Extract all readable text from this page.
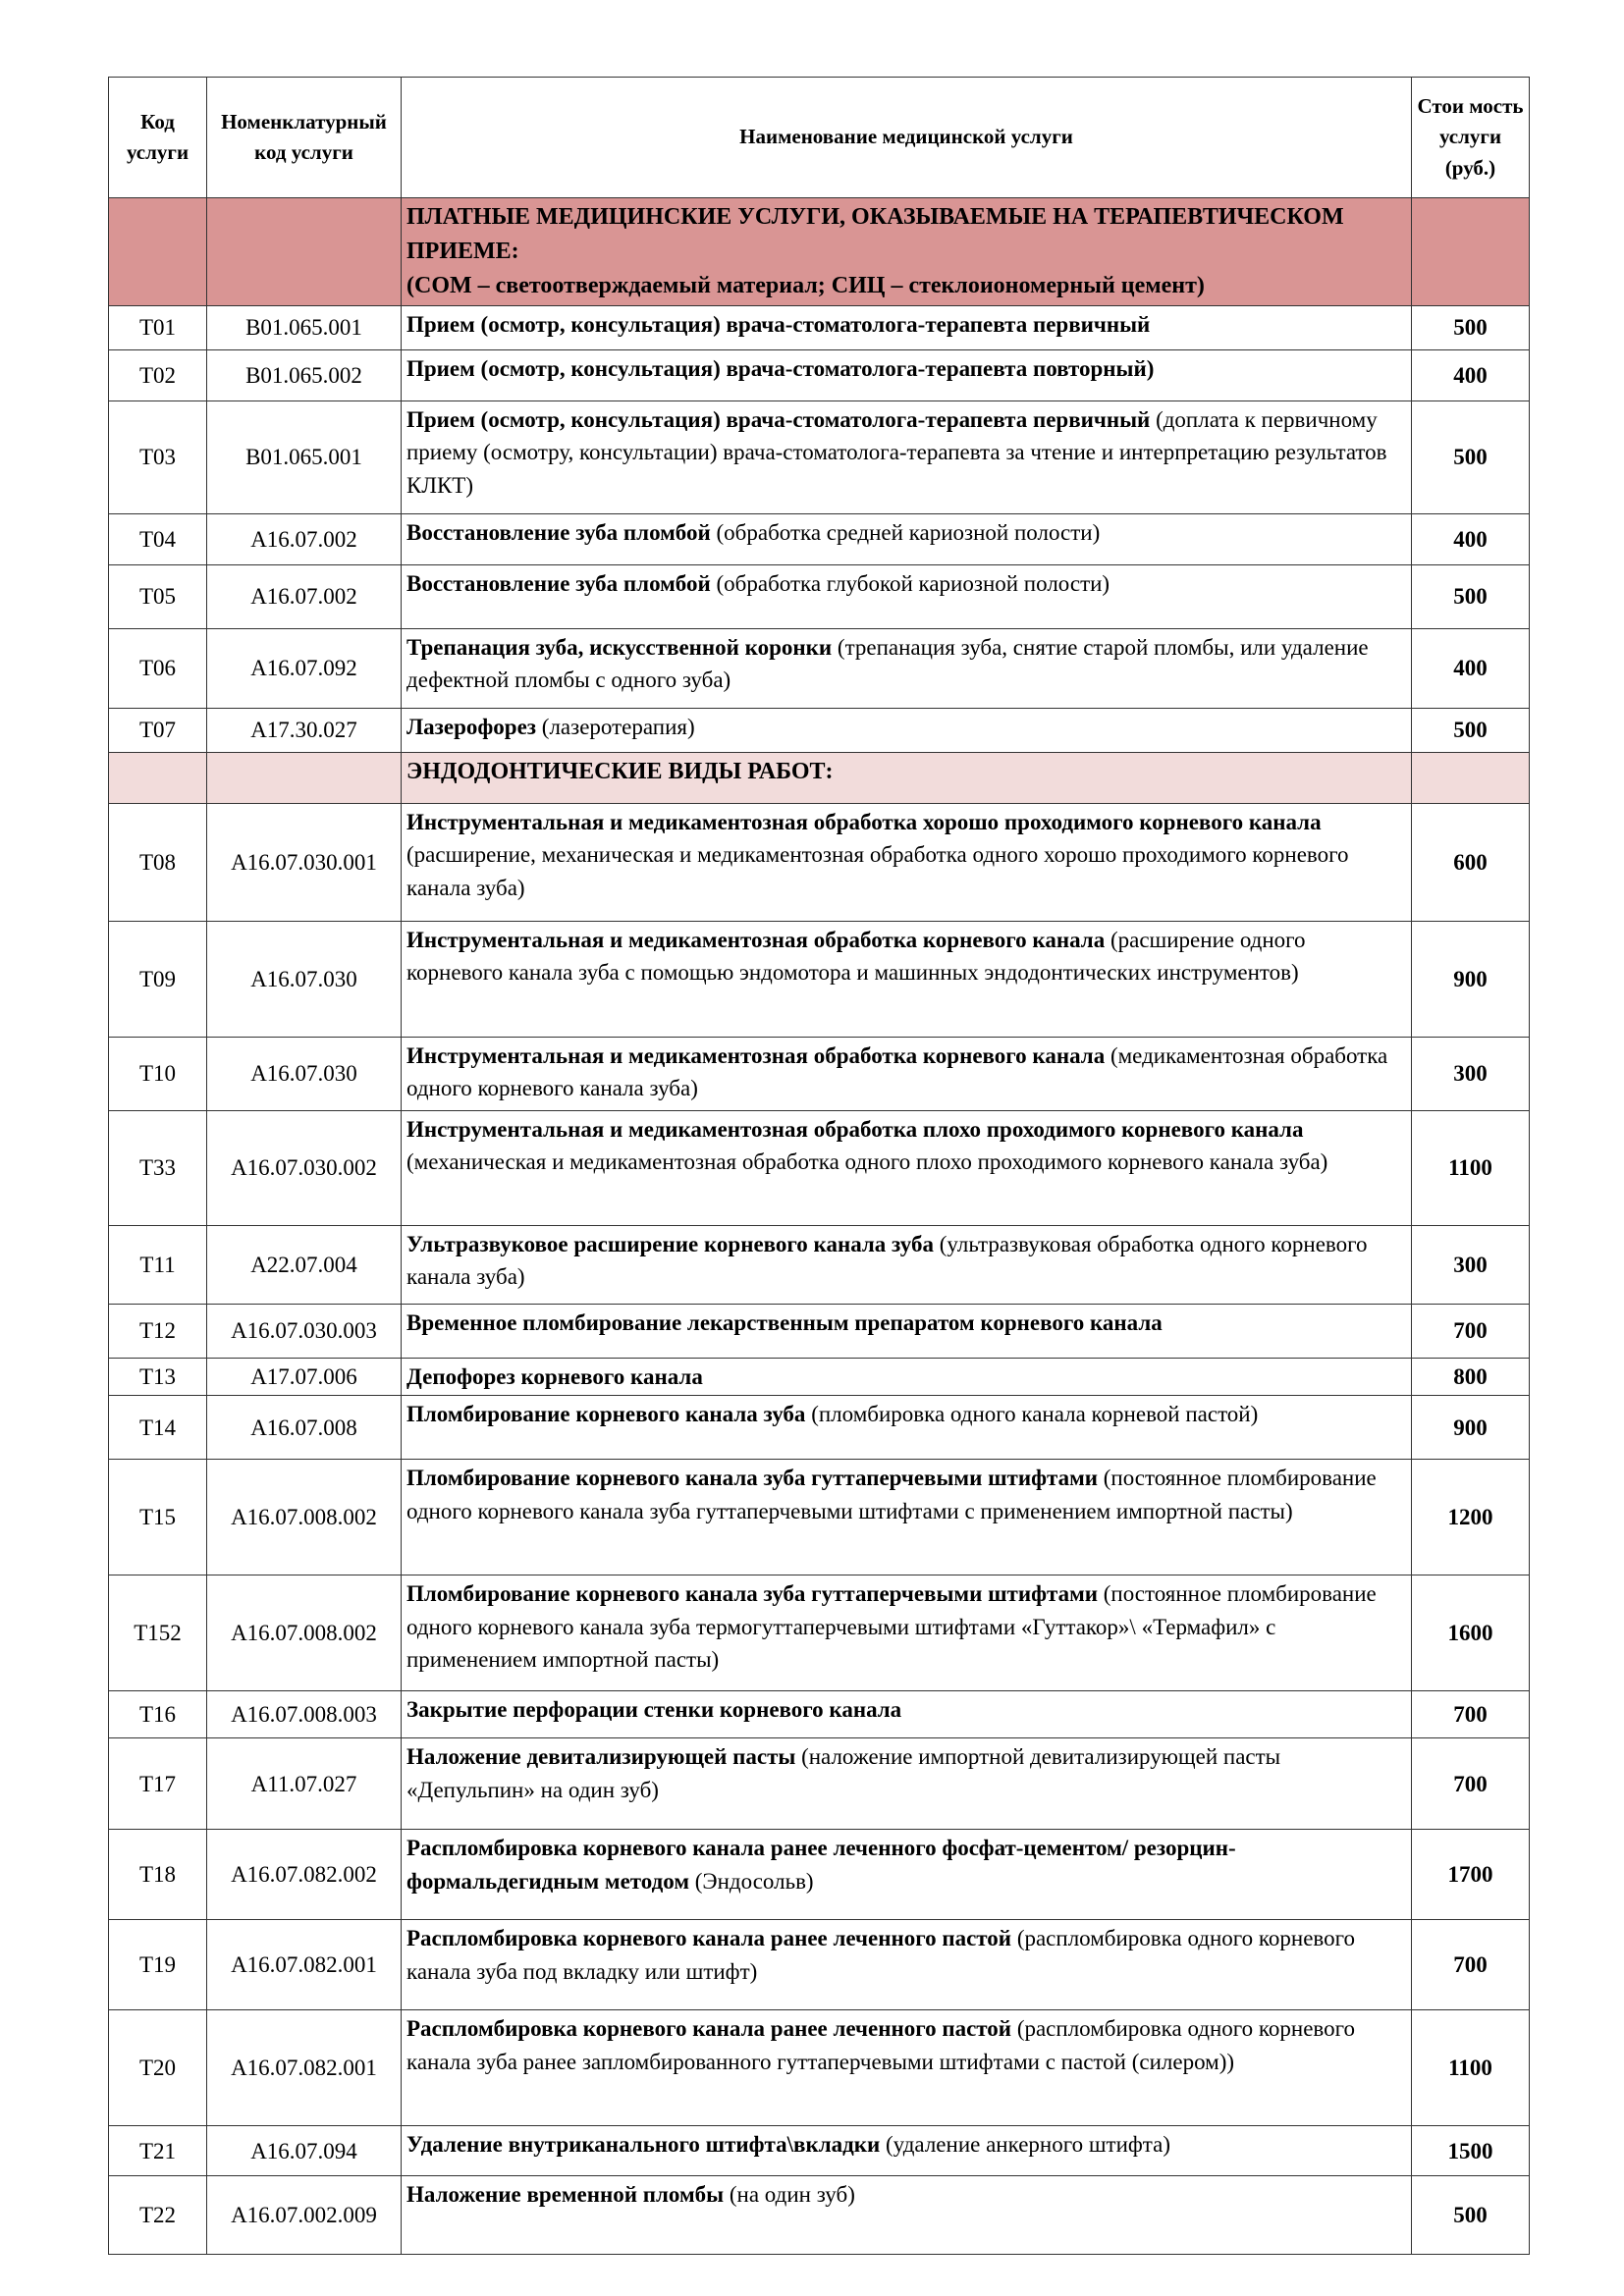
Код услуги	Номенклатурный код услуги	Наименование медицинской услуги	Стои мость услуги (руб.)

		ПЛАТНЫЕ МЕДИЦИНСКИЕ УСЛУГИ, ОКАЗЫВАЕМЫЕ НА ТЕРАПЕВТИЧЕСКОМ ПРИЕМЕ:
(СОМ – светоотверждаемый материал; СИЦ – стеклоиономерный цемент)	

Т01	В01.065.001	Прием (осмотр, консультация) врача-стоматолога-терапевта первичный	500
Т02	В01.065.002	Прием (осмотр, консультация) врача-стоматолога-терапевта повторный)	400
Т03	В01.065.001	Прием (осмотр, консультация) врача-стоматолога-терапевта первичный (доплата к первичному приему (осмотру, консультации) врача-стоматолога-терапевта за чтение и интерпретацию результатов КЛКТ)	500
Т04	А16.07.002	Восстановление зуба пломбой (обработка средней кариозной полости)	400
Т05	А16.07.002	Восстановление зуба пломбой (обработка глубокой кариозной полости)	500
Т06	А16.07.092	Трепанация зуба, искусственной коронки (трепанация зуба, снятие старой пломбы, или удаление дефектной пломбы с одного зуба)	400
Т07	А17.30.027	Лазерофорез (лазеротерапия)	500

		ЭНДОДОНТИЧЕСКИЕ ВИДЫ РАБОТ:	

Т08	А16.07.030.001	Инструментальная и медикаментозная обработка хорошо проходимого корневого канала (расширение, механическая и медикаментозная обработка одного хорошо проходимого корневого канала зуба)	600
Т09	А16.07.030	Инструментальная и медикаментозная обработка корневого канала (расширение одного корневого канала зуба с помощью эндомотора и машинных эндодонтических инструментов)	900
Т10	А16.07.030	Инструментальная и медикаментозная обработка корневого канала (медикаментозная обработка одного корневого канала зуба)	300
Т33	А16.07.030.002	Инструментальная и медикаментозная обработка плохо проходимого корневого канала (механическая и медикаментозная обработка одного плохо проходимого корневого канала зуба)	1100
Т11	А22.07.004	Ультразвуковое расширение корневого канала зуба (ультразвуковая обработка одного корневого канала зуба)	300
Т12	А16.07.030.003	Временное пломбирование лекарственным препаратом корневого канала	700
Т13	А17.07.006	Депофорез корневого канала	800
Т14	А16.07.008	Пломбирование корневого канала зуба (пломбировка одного канала корневой пастой)	900
Т15	А16.07.008.002	Пломбирование корневого канала зуба гуттаперчевыми штифтами (постоянное пломбирование одного корневого канала зуба гуттаперчевыми штифтами с применением импортной пасты)	1200
Т152	А16.07.008.002	Пломбирование корневого канала зуба гуттаперчевыми штифтами (постоянное пломбирование одного корневого канала зуба термогуттаперчевыми штифтами «Гуттакор»\ «Термафил» с применением импортной пасты)	1600
Т16	А16.07.008.003	Закрытие перфорации стенки корневого канала	700
Т17	А11.07.027	Наложение девитализирующей пасты (наложение импортной девитализирующей пасты «Депульпин» на один зуб)	700
Т18	А16.07.082.002	Распломбировка корневого канала ранее леченного фосфат-цементом/ резорцин-формальдегидным методом (Эндосольв)	1700
Т19	А16.07.082.001	Распломбировка корневого канала ранее леченного пастой (распломбировка одного корневого канала зуба под вкладку или штифт)	700
Т20	А16.07.082.001	Распломбировка корневого канала ранее леченного пастой (распломбировка одного корневого канала зуба ранее запломбированного гуттаперчевыми штифтами с пастой (силером))	1100
Т21	А16.07.094	Удаление внутриканального штифта\вкладки (удаление анкерного штифта)	1500
Т22	А16.07.002.009	Наложение временной пломбы (на один зуб)	500
